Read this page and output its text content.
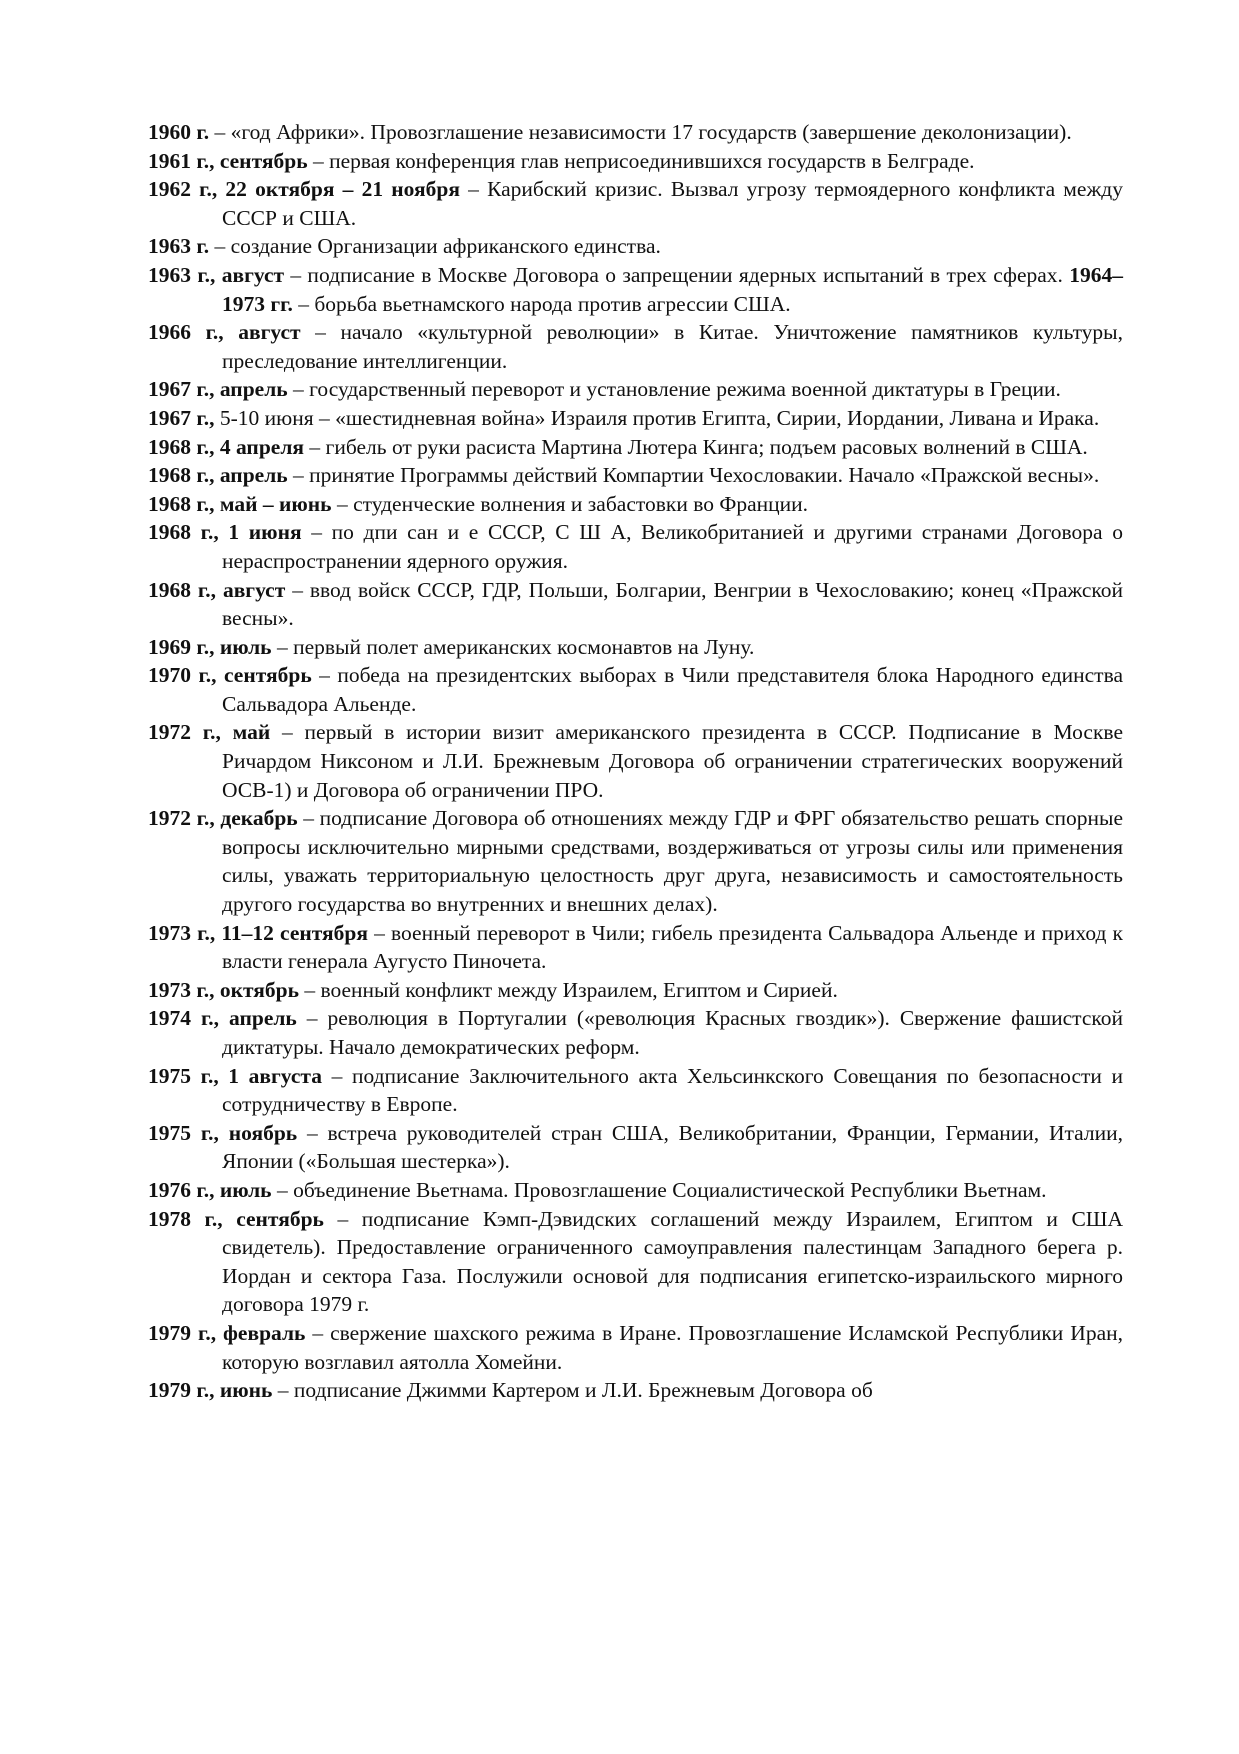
1960 г. – «год Африки». Провозглашение независимости 17 государств (завершение деколонизации).

1961 г., сентябрь – первая конференция глав неприсоединившихся государств в Белграде.

1962 г., 22 октября – 21 ноября – Карибский кризис. Вызвал угрозу термоядерного конфликта между СССР и США.

1963 г. – создание Организации африканского единства.

1963 г., август – подписание в Москве Договора о запрещении ядерных испытаний в трех сферах. 1964–1973 гг. – борьба вьетнамского народа против агрессии США.

1966 г., август – начало «культурной революции» в Китае. Уничтожение памятников культуры, преследование интеллигенции.

1967 г., апрель – государственный переворот и установление режима военной диктатуры в Греции.

1967 г., 5-10 июня – «шестидневная война» Израиля против Египта, Сирии, Иордании, Ливана и Ирака.

1968 г., 4 апреля – гибель от руки расиста Мартина Лютера Кинга; подъем расовых волнений в США.

1968 г., апрель – принятие Программы действий Компартии Чехословакии. Начало «Пражской весны».

1968 г., май – июнь – студенческие волнения и забастовки во Франции.

1968 г., 1 июня – по дпи сан и е СССР, С Ш А, Великобританией и другими странами Договора о нераспространении ядерного оружия.

1968 г., август – ввод войск СССР, ГДР, Польши, Болгарии, Венгрии в Чехословакию; конец «Пражской весны».

1969 г., июль – первый полет американских космонавтов на Луну.

1970 г., сентябрь – победа на президентских выборах в Чили представителя блока Народного единства Сальвадора Альенде.

1972 г., май – первый в истории визит американского президента в СССР. Подписание в Москве Ричардом Никсоном и Л.И. Брежневым Договора об ограничении стратегических вооружений ОСВ-1) и Договора об ограничении ПРО.

1972 г., декабрь – подписание Договора об отношениях между ГДР и ФРГ обязательство решать спорные вопросы исключительно мирными средствами, воздерживаться от угрозы силы или применения силы, уважать территориальную целостность друг друга, независимость и самостоятельность другого государства во внутренних и внешних делах).

1973 г., 11–12 сентября – военный переворот в Чили; гибель президента Сальвадора Альенде и приход к власти генерала Аугусто Пиночета.

1973 г., октябрь – военный конфликт между Израилем, Египтом и Сирией.

1974 г., апрель – революция в Португалии («революция Красных гвоздик»). Свержение фашистской диктатуры. Начало демократических реформ.

1975 г., 1 августа – подписание Заключительного акта Хельсинкского Совещания по безопасности и сотрудничеству в Европе.

1975 г., ноябрь – встреча руководителей стран США, Великобритании, Франции, Германии, Италии, Японии («Большая шестерка»).

1976 г., июль – объединение Вьетнама. Провозглашение Социалистической Республики Вьетнам.

1978 г., сентябрь – подписание Кэмп-Дэвидских соглашений между Израилем, Египтом и США свидетель). Предоставление ограниченного самоуправления палестинцам Западного берега р. Иордан и сектора Газа. Послужили основой для подписания египетско-израильского мирного договора 1979 г.

1979 г., февраль – свержение шахского режима в Иране. Провозглашение Исламской Республики Иран, которую возглавил аятолла Хомейни.

1979 г., июнь – подписание Джимми Картером и Л.И. Брежневым Договора об
